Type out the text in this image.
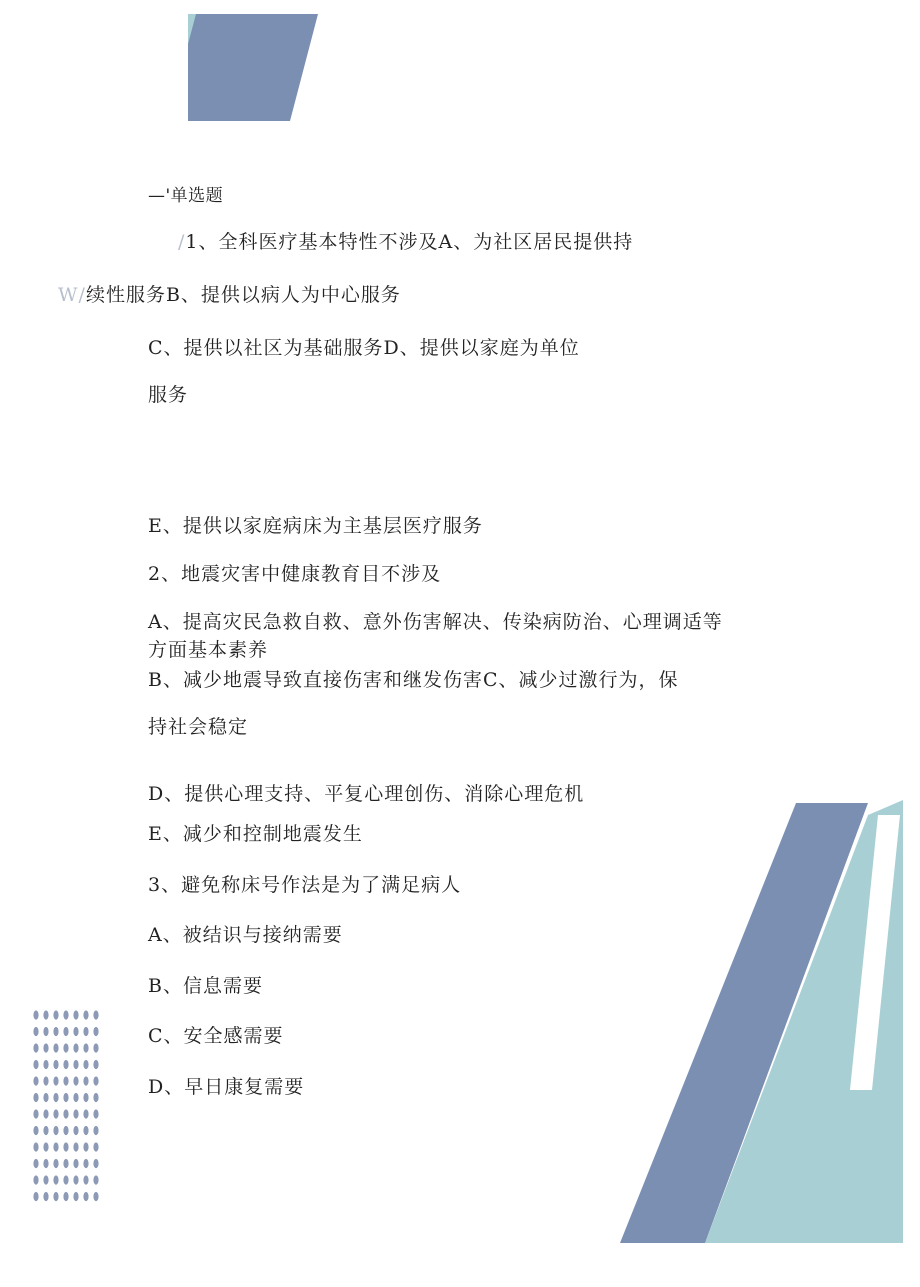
—'单选题
/1、全科医疗基本特性不涉及A、为社区居民提供持
W/续性服务B、提供以病人为中心服务
C、提供以社区为基础服务D、提供以家庭为单位
服务
E、提供以家庭病床为主基层医疗服务
2、地震灾害中健康教育目不涉及
A、提高灾民急救自救、意外伤害解决、传染病防治、心理调适等
方面基本素养
B、减少地震导致直接伤害和继发伤害C、减少过激行为，保
持社会稳定
D、提供心理支持、平复心理创伤、消除心理危机
E、减少和控制地震发生
3、避免称床号作法是为了满足病人
A、被结识与接纳需要
B、信息需要
C、安全感需要
D、早日康复需要
